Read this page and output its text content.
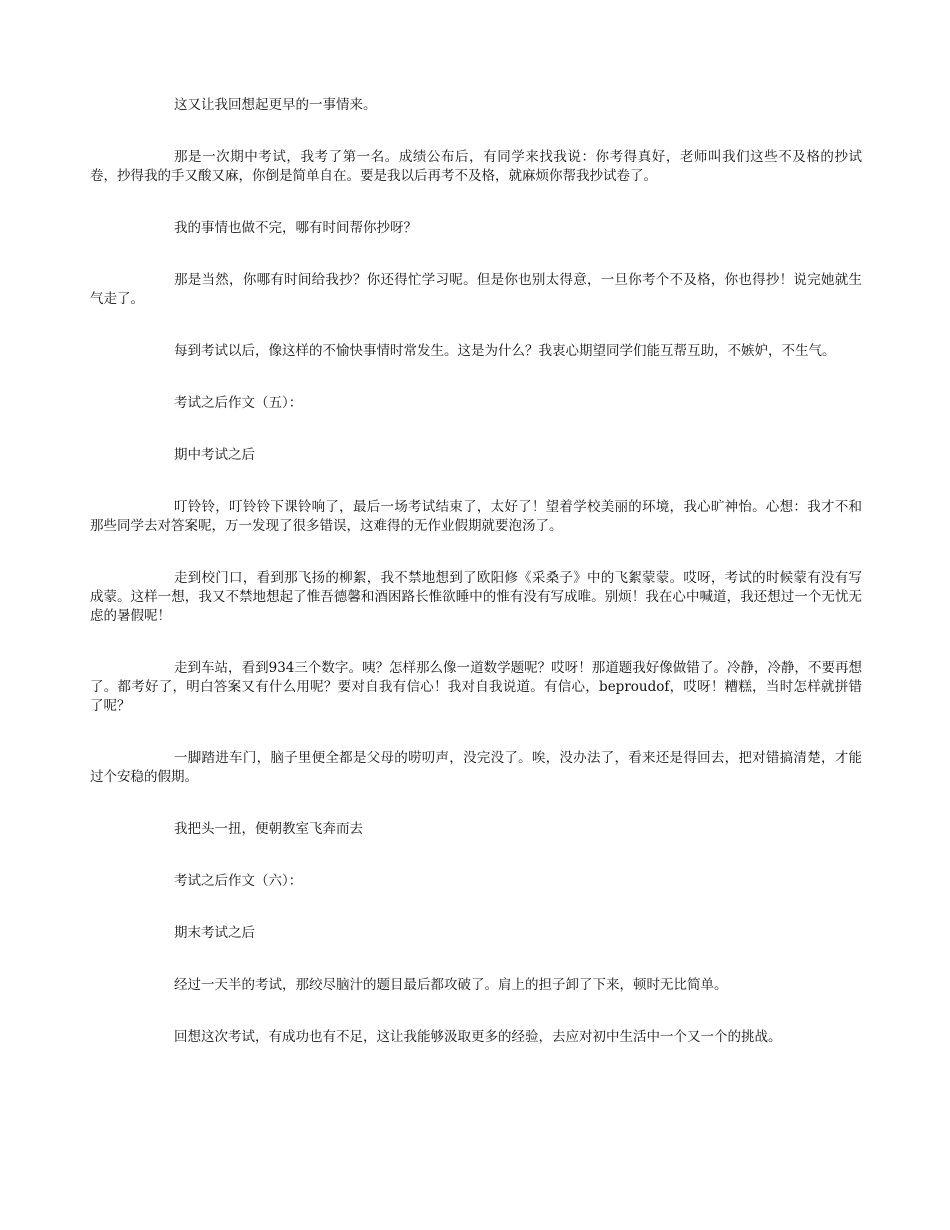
这又让我回想起更早的一事情来。

那是一次期中考试，我考了第一名。成绩公布后，有同学来找我说：你考得真好，老师叫我们这些不及格的抄试卷，抄得我的手又酸又麻，你倒是简单自在。要是我以后再考不及格，就麻烦你帮我抄试卷了。

我的事情也做不完，哪有时间帮你抄呀？

那是当然，你哪有时间给我抄？你还得忙学习呢。但是你也别太得意，一旦你考个不及格，你也得抄！说完她就生气走了。

每到考试以后，像这样的不愉快事情时常发生。这是为什么？我衷心期望同学们能互帮互助，不嫉妒，不生气。

考试之后作文（五）：

期中考试之后

叮铃铃，叮铃铃下课铃响了，最后一场考试结束了，太好了！望着学校美丽的环境，我心旷神怡。心想：我才不和那些同学去对答案呢，万一发现了很多错误，这难得的无作业假期就要泡汤了。

走到校门口，看到那飞扬的柳絮，我不禁地想到了欧阳修《采桑子》中的飞絮蒙蒙。哎呀，考试的时候蒙有没有写成蒙。这样一想，我又不禁地想起了惟吾德馨和酒困路长惟欲睡中的惟有没有写成唯。别烦！我在心中喊道，我还想过一个无忧无虑的暑假呢！

走到车站，看到934三个数字。咦？怎样那么像一道数学题呢？哎呀！那道题我好像做错了。冷静，冷静，不要再想了。都考好了，明白答案又有什么用呢？要对自我有信心！我对自我说道。有信心，beproudof，哎呀！糟糕，当时怎样就拼错了呢？

一脚踏进车门，脑子里便全都是父母的唠叨声，没完没了。唉，没办法了，看来还是得回去，把对错搞清楚，才能过个安稳的假期。

我把头一扭，便朝教室飞奔而去

考试之后作文（六）：

期末考试之后

经过一天半的考试，那绞尽脑汁的题目最后都攻破了。肩上的担子卸了下来，顿时无比简单。

回想这次考试，有成功也有不足，这让我能够汲取更多的经验，去应对初中生活中一个又一个的挑战。
